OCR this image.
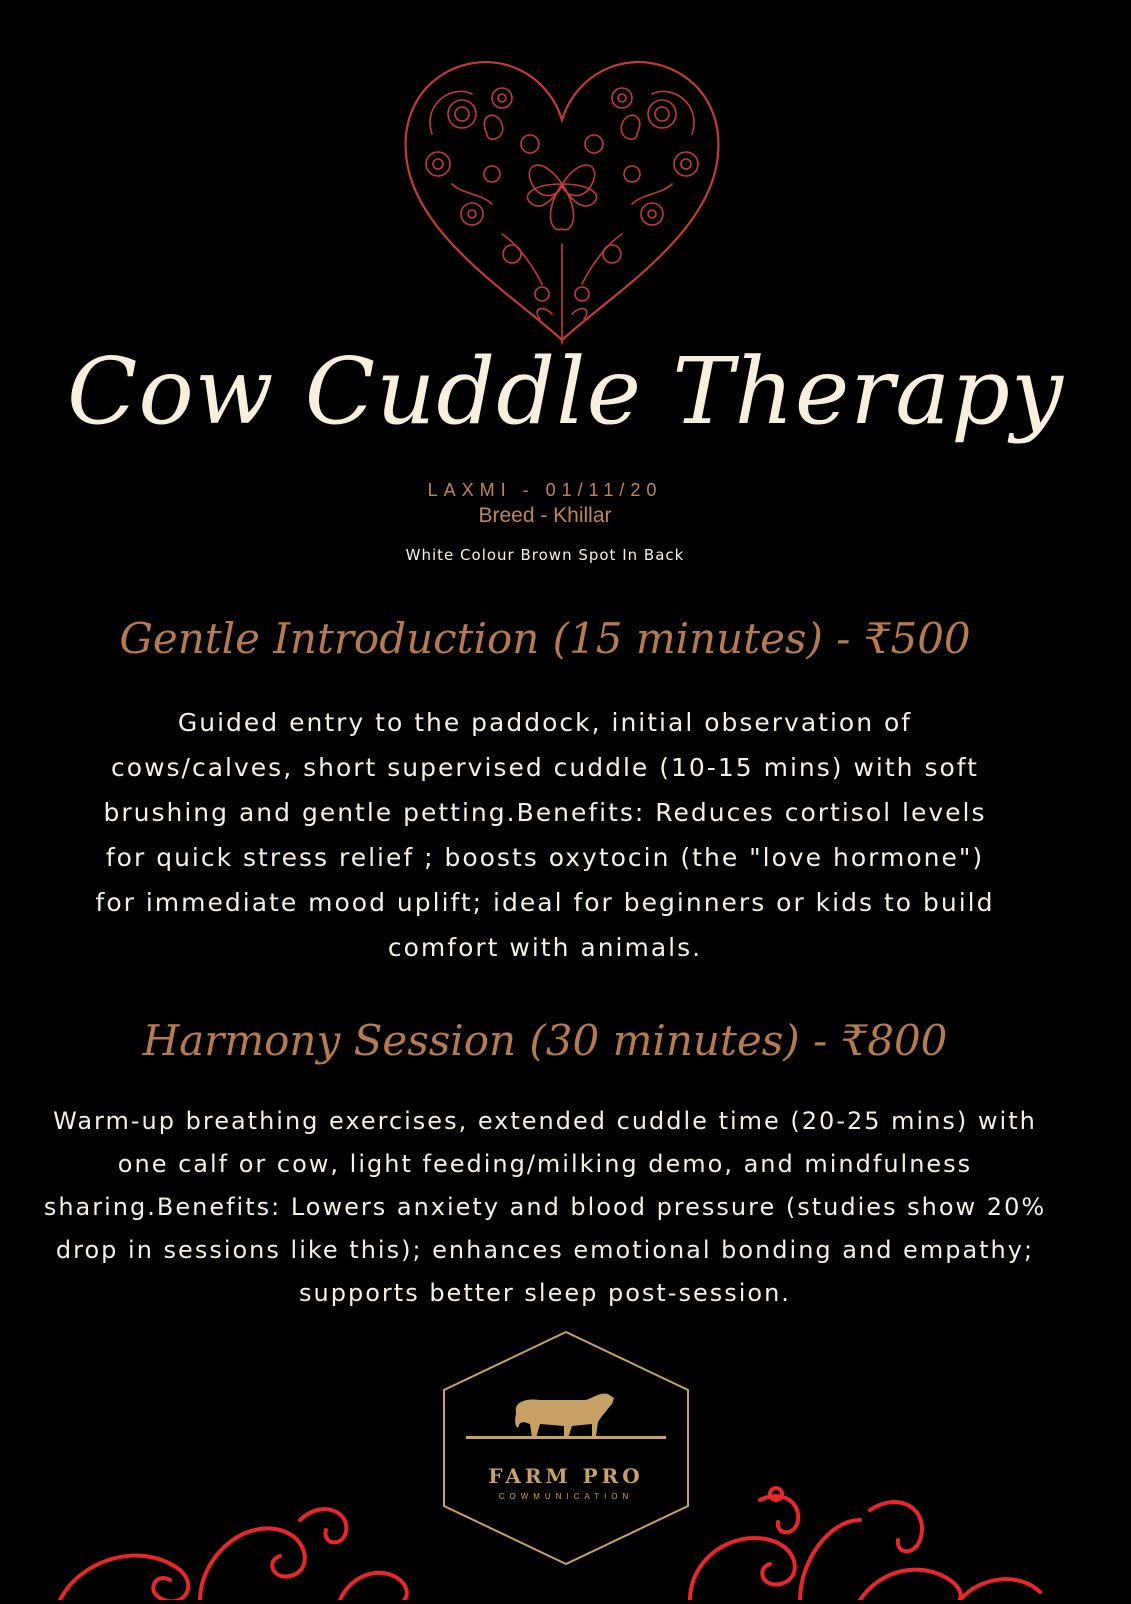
Cow Cuddle Therapy
LAXMI - 01/11/20
Breed - Khillar
White Colour Brown Spot In Back
Gentle Introduction (15 minutes) - ₹500
Guided entry to the paddock, initial observation of cows/calves, short supervised cuddle (10-15 mins) with soft brushing and gentle petting.Benefits: Reduces cortisol levels for quick stress relief ; boosts oxytocin (the "love hormone") for immediate mood uplift; ideal for beginners or kids to build comfort with animals.
Harmony Session (30 minutes) - ₹800
Warm-up breathing exercises, extended cuddle time (20-25 mins) with one calf or cow, light feeding/milking demo, and mindfulness sharing.Benefits: Lowers anxiety and blood pressure (studies show 20% drop in sessions like this); enhances emotional bonding and empathy; supports better sleep post-session.
FARM PRO
COWMUNICATION
